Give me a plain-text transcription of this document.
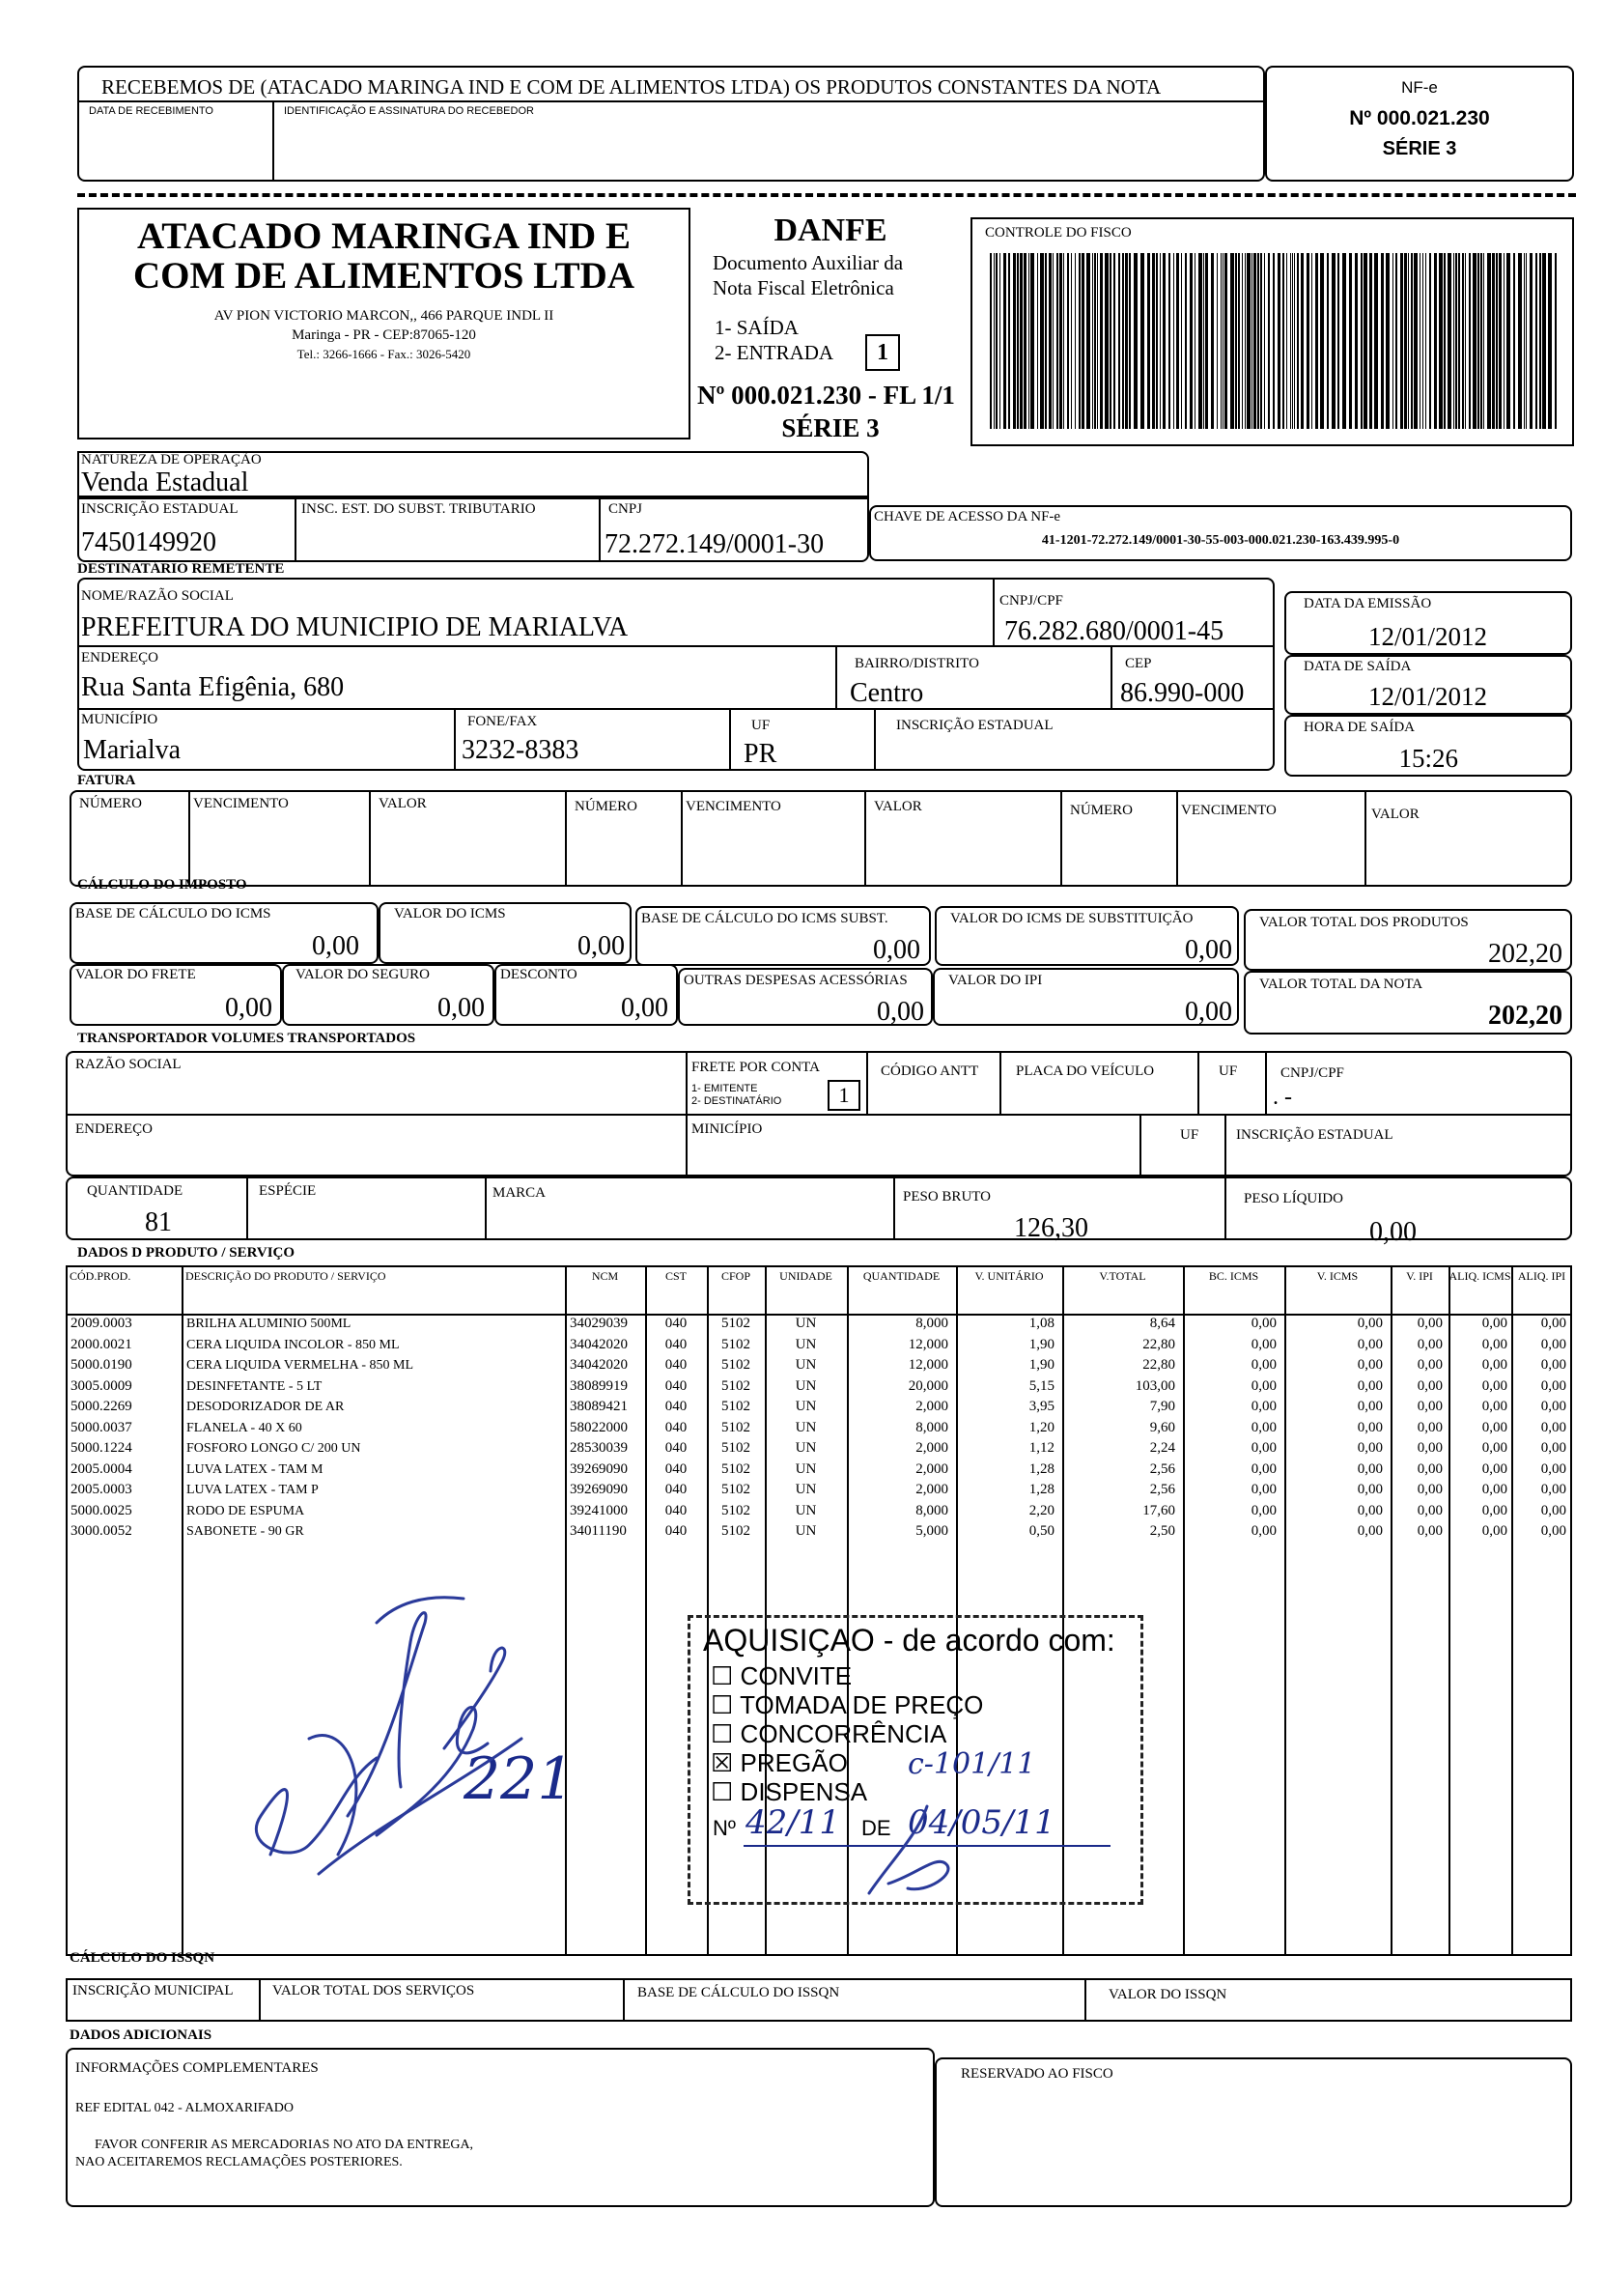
RECEBEMOS DE (ATACADO MARINGA IND E COM DE ALIMENTOS LTDA) OS PRODUTOS CONSTANTES DA NOTA
DATA DE RECEBIMENTO	IDENTIFICAÇÃO E ASSINATURA DO RECEBEDOR
NF-e
Nº 000.021.230
SÉRIE 3
ATACADO MARINGA IND E
COM DE ALIMENTOS LTDA
AV PION VICTORIO MARCON,, 466 PARQUE INDL II
Maringa - PR - CEP:87065-120
Tel.: 3266-1666 - Fax.: 3026-5420
DANFE
Documento Auxiliar da
Nota Fiscal Eletrônica
1- SAÍDA
2- ENTRADA	1
Nº 000.021.230 - FL 1/1
SÉRIE 3
CONTROLE DO FISCO
NATUREZA DE OPERAÇÃO
Venda Estadual
INSCRIÇÃO ESTADUAL
7450149920
INSC. EST. DO SUBST. TRIBUTARIO	CNPJ
72.272.149/0001-30
CHAVE DE ACESSO DA NF-e
41-1201-72.272.149/0001-30-55-003-000.021.230-163.439.995-0
DESTINATÁRIO REMETENTE
NOME/RAZÃO SOCIAL
PREFEITURA DO MUNICIPIO DE MARIALVA
CNPJ/CPF
76.282.680/0001-45
ENDEREÇO
Rua Santa Efigênia, 680
BAIRRO/DISTRITO
Centro
CEP
86.990-000
MUNICÍPIO
Marialva
FONE/FAX
3232-8383
UF
PR
INSCRIÇÃO ESTADUAL
DATA DA EMISSÃO
12/01/2012
DATA DE SAÍDA
12/01/2012
HORA DE SAÍDA
15:26
FATURA
NÚMERO	VENCIMENTO	VALOR	NÚMERO	VENCIMENTO	VALOR	NÚMERO	VENCIMENTO	VALOR
CÁLCULO DO IMPOSTO
BASE DE CÁLCULO DO ICMS
0,00
VALOR DO ICMS
0,00
BASE DE CÁLCULO DO ICMS SUBST.
0,00
VALOR DO ICMS DE SUBSTITUIÇÃO
0,00
VALOR TOTAL DOS PRODUTOS
202,20
VALOR DO FRETE
0,00
VALOR DO SEGURO
0,00
DESCONTO
0,00
OUTRAS DESPESAS ACESSÓRIAS
0,00
VALOR DO IPI
0,00
VALOR TOTAL DA NOTA
202,20
TRANSPORTADOR VOLUMES TRANSPORTADOS
RAZÃO SOCIAL	FRETE POR CONTA
1- EMITENTE
2- DESTINATÁRIO	1
CÓDIGO ANTT	PLACA DO VEÍCULO	UF	CNPJ/CPF
. -
ENDEREÇO	MINICÍPIO	UF	INSCRIÇÃO ESTADUAL
QUANTIDADE
81
ESPÉCIE	MARCA	PESO BRUTO
126,30
PESO LÍQUIDO
0,00
DADOS D PRODUTO / SERVIÇO
CÓD.PROD.	DESCRIÇÃO DO PRODUTO / SERVIÇO	NCM	CST	CFOP	UNIDADE	QUANTIDADE	V. UNITÁRIO	V.TOTAL	BC. ICMS	V. ICMS	V. IPI	ALIQ. ICMS ALIQ. IPI
2009.0003	BRILHA ALUMINIO 500ML	34029039	040	5102	UN	8,000	1,08	8,64	0,00	0,00	0,00	0,00	0,00
2000.0021	CERA LIQUIDA INCOLOR - 850 ML	34042020	040	5102	UN	12,000	1,90	22,80	0,00	0,00	0,00	0,00	0,00
5000.0190	CERA LIQUIDA VERMELHA - 850 ML	34042020	040	5102	UN	12,000	1,90	22,80	0,00	0,00	0,00	0,00	0,00
3005.0009	DESINFETANTE - 5 LT	38089919	040	5102	UN	20,000	5,15	103,00	0,00	0,00	0,00	0,00	0,00
5000.2269	DESODORIZADOR DE AR	38089421	040	5102	UN	2,000	3,95	7,90	0,00	0,00	0,00	0,00	0,00
5000.0037	FLANELA - 40 X 60	58022000	040	5102	UN	8,000	1,20	9,60	0,00	0,00	0,00	0,00	0,00
5000.1224	FOSFORO LONGO C/ 200 UN	28530039	040	5102	UN	2,000	1,12	2,24	0,00	0,00	0,00	0,00	0,00
2005.0004	LUVA LATEX - TAM M	39269090	040	5102	UN	2,000	1,28	2,56	0,00	0,00	0,00	0,00	0,00
2005.0003	LUVA LATEX - TAM P	39269090	040	5102	UN	2,000	1,28	2,56	0,00	0,00	0,00	0,00	0,00
5000.0025	RODO DE ESPUMA	39241000	040	5102	UN	8,000	2,20	17,60	0,00	0,00	0,00	0,00	0,00
3000.0052	SABONETE - 90 GR	34011190	040	5102	UN	5,000	0,50	2,50	0,00	0,00	0,00	0,00	0,00
AQUISIÇAO - de acordo com:
☐ CONVITE
☐ TOMADA DE PREÇO
☐ CONCORRÊNCIA
☒ PREGÃO c-101/11
☐ DISPENSA
Nº 42/11 DE 04/05/11
221
CÁLCULO DO ISSQN
INSCRIÇÃO MUNICIPAL	VALOR TOTAL DOS SERVIÇOS	BASE DE CÁLCULO DO ISSQN	VALOR DO ISSQN
DADOS ADICIONAIS
INFORMAÇÕES COMPLEMENTARES
REF EDITAL 042 - ALMOXARIFADO
FAVOR CONFERIR AS MERCADORIAS NO ATO DA ENTREGA,
NAO ACEITAREMOS RECLAMAÇÕES POSTERIORES.
RESERVADO AO FISCO
